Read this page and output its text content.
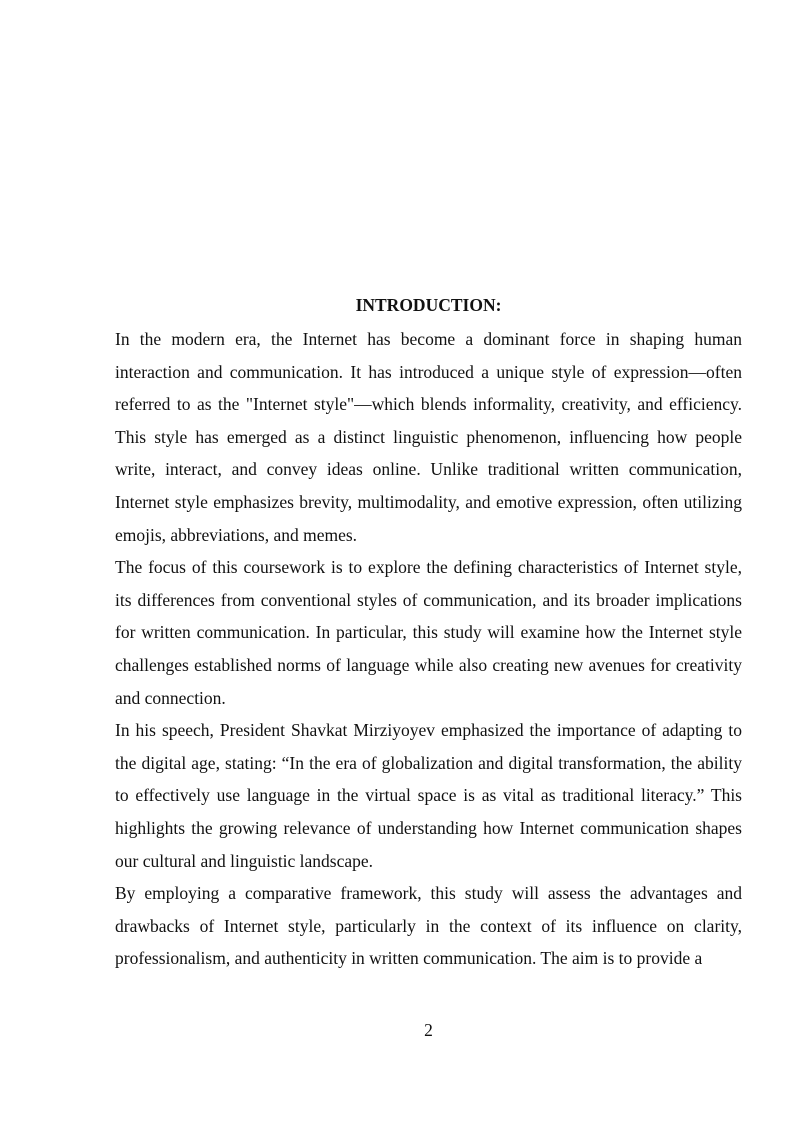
INTRODUCTION:

In the modern era, the Internet has become a dominant force in shaping human interaction and communication. It has introduced a unique style of expression—often referred to as the "Internet style"—which blends informality, creativity, and efficiency. This style has emerged as a distinct linguistic phenomenon, influencing how people write, interact, and convey ideas online. Unlike traditional written communication, Internet style emphasizes brevity, multimodality, and emotive expression, often utilizing emojis, abbreviations, and memes.

The focus of this coursework is to explore the defining characteristics of Internet style, its differences from conventional styles of communication, and its broader implications for written communication. In particular, this study will examine how the Internet style challenges established norms of language while also creating new avenues for creativity and connection.

In his speech, President Shavkat Mirziyoyev emphasized the importance of adapting to the digital age, stating: “In the era of globalization and digital transformation, the ability to effectively use language in the virtual space is as vital as traditional literacy.” This highlights the growing relevance of understanding how Internet communication shapes our cultural and linguistic landscape.

By employing a comparative framework, this study will assess the advantages and drawbacks of Internet style, particularly in the context of its influence on clarity, professionalism, and authenticity in written communication. The aim is to provide a

2
